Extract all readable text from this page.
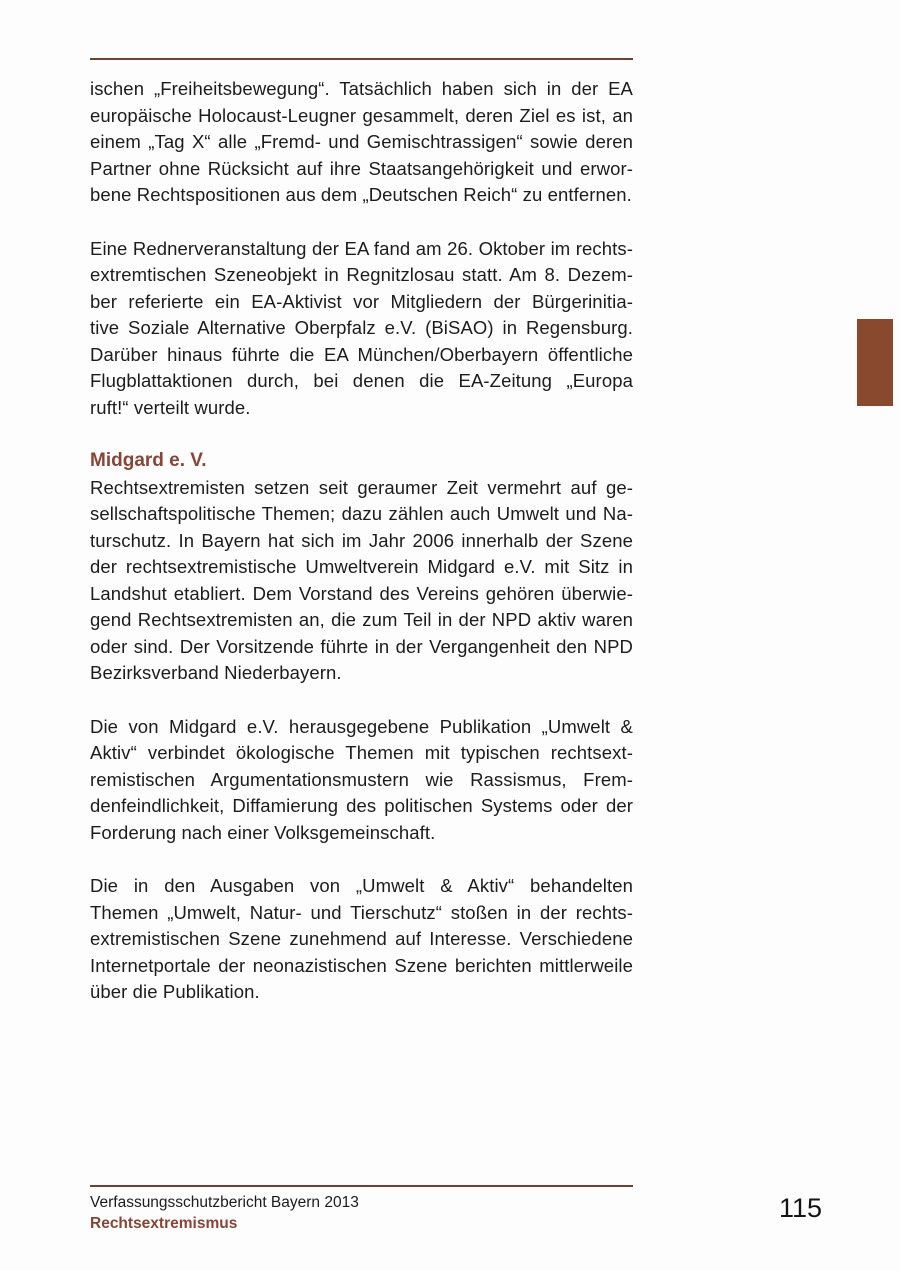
ischen „Freiheitsbewegung“. Tatsächlich haben sich in der EA
europäische Holocaust-Leugner gesammelt, deren Ziel es ist, an
einem „Tag X“ alle „Fremd- und Gemischtrassigen“ sowie deren
Partner ohne Rücksicht auf ihre Staatsangehörigkeit und erwor-
bene Rechtspositionen aus dem „Deutschen Reich“ zu entfernen.
Eine Rednerveranstaltung der EA fand am 26. Oktober im rechts-
extremtischen Szeneobjekt in Regnitzlosau statt. Am 8. Dezem-
ber referierte ein EA-Aktivist vor Mitgliedern der Bürgerinitia-
tive Soziale Alternative Oberpfalz e.V. (BiSAO) in Regensburg.
Darüber hinaus führte die EA München/Oberbayern öffentliche
Flugblattaktionen durch, bei denen die EA-Zeitung „Europa
ruft!“ verteilt wurde.
Midgard e. V.
Rechtsextremisten setzen seit geraumer Zeit vermehrt auf ge-
sellschaftspolitische Themen; dazu zählen auch Umwelt und Na-
turschutz. In Bayern hat sich im Jahr 2006 innerhalb der Szene
der rechtsextremistische Umweltverein Midgard e.V. mit Sitz in
Landshut etabliert. Dem Vorstand des Vereins gehören überwie-
gend Rechtsextremisten an, die zum Teil in der NPD aktiv waren
oder sind. Der Vorsitzende führte in der Vergangenheit den NPD
Bezirksverband Niederbayern.
Die von Midgard e.V. herausgegebene Publikation „Umwelt &
Aktiv“ verbindet ökologische Themen mit typischen rechtsext-
remistischen Argumentationsmustern wie Rassismus, Frem-
denfeindlichkeit, Diffamierung des politischen Systems oder der
Forderung nach einer Volksgemeinschaft.
Die in den Ausgaben von „Umwelt & Aktiv“ behandelten
Themen „Umwelt, Natur- und Tierschutz“ stoßen in der rechts-
extremistischen Szene zunehmend auf Interesse. Verschiedene
Internetportale der neonazistischen Szene berichten mittlerweile
über die Publikation.
Verfassungsschutzbericht Bayern 2013
Rechtsextremismus	115
